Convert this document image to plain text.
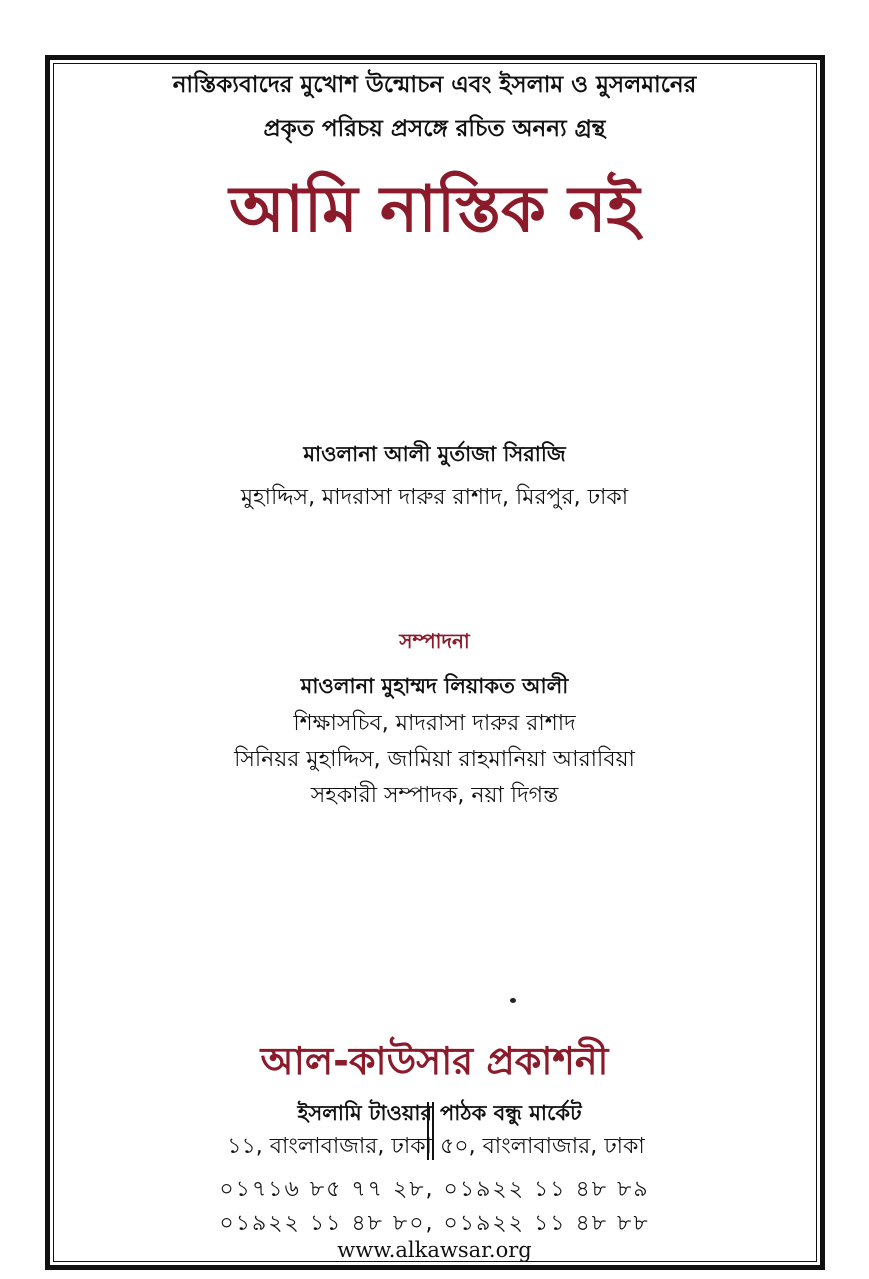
নাস্তিক্যবাদের মুখোশ উন্মোচন এবং ইসলাম ও মুসলমানের
প্রকৃত পরিচয় প্রসঙ্গে রচিত অনন্য গ্রন্থ
আমি নাস্তিক নই
মাওলানা আলী মুর্তাজা সিরাজি
মুহাদ্দিস, মাদরাসা দারুর রাশাদ, মিরপুর, ঢাকা
সম্পাদনা
মাওলানা মুহাম্মদ লিয়াকত আলী
শিক্ষাসচিব, মাদরাসা দারুর রাশাদ
সিনিয়র মুহাদ্দিস, জামিয়া রাহমানিয়া আরাবিয়া
সহকারী সম্পাদক, নয়া দিগন্ত
আল-কাউসার প্রকাশনী
ইসলামি টাওয়ার
১১, বাংলাবাজার, ঢাকা
পাঠক বন্ধু মার্কেট
৫০, বাংলাবাজার, ঢাকা
০১৭১৬ ৮৫ ৭৭ ২৮, ০১৯২২ ১১ ৪৮ ৮৯
০১৯২২ ১১ ৪৮ ৮০, ০১৯২২ ১১ ৪৮ ৮৮
www.alkawsar.org
